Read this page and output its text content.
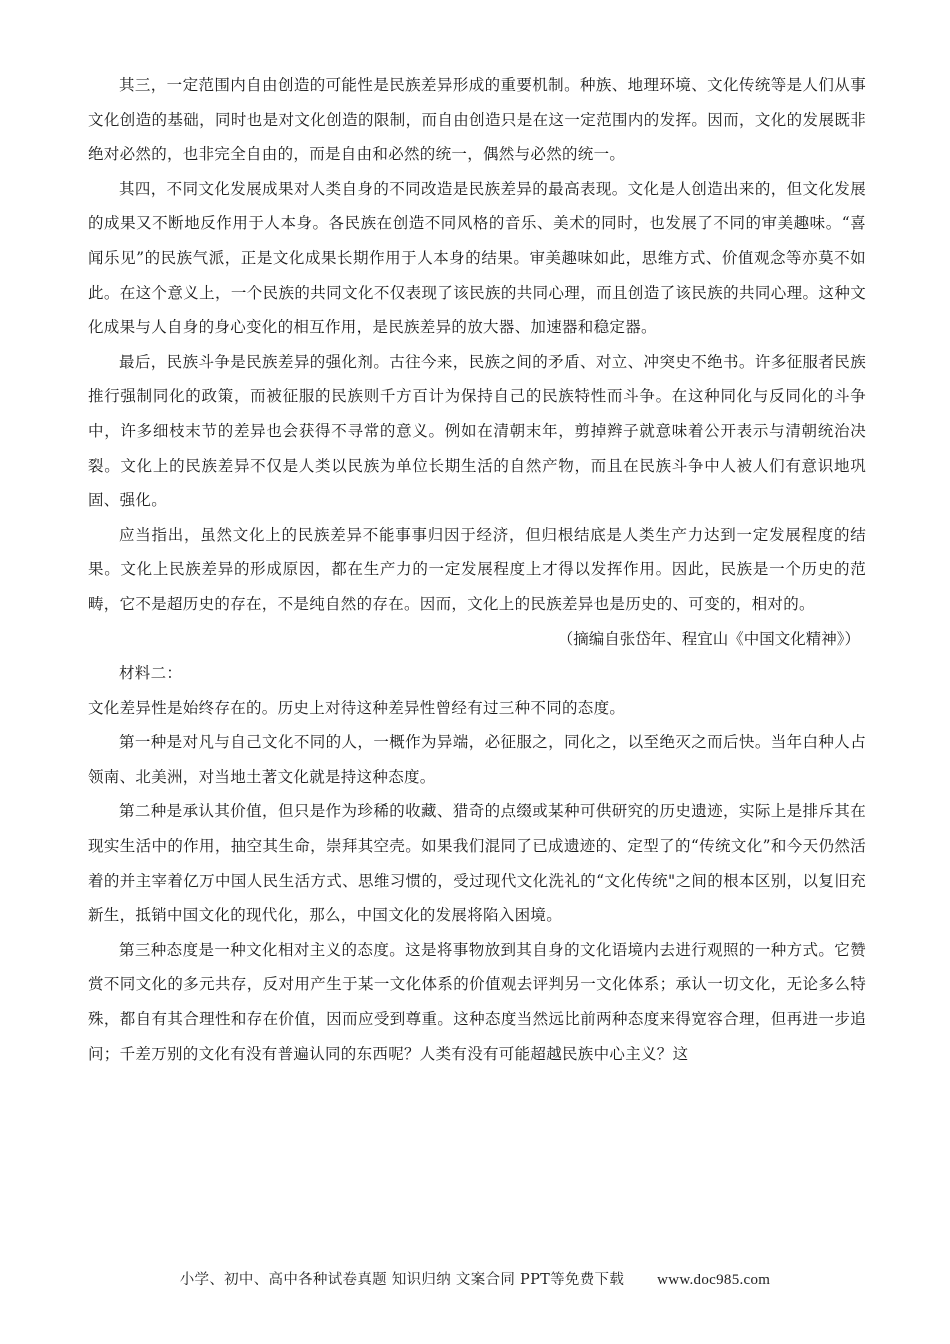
其三，一定范围内自由创造的可能性是民族差异形成的重要机制。种族、地理环境、文化传统等是人们从事文化创造的基础，同时也是对文化创造的限制，而自由创造只是在这一定范围内的发挥。因而，文化的发展既非绝对必然的，也非完全自由的，而是自由和必然的统一，偶然与必然的统一。

其四，不同文化发展成果对人类自身的不同改造是民族差异的最高表现。文化是人创造出来的，但文化发展的成果又不断地反作用于人本身。各民族在创造不同风格的音乐、美术的同时，也发展了不同的审美趣味。“喜闻乐见”的民族气派，正是文化成果长期作用于人本身的结果。审美趣味如此，思维方式、价值观念等亦莫不如此。在这个意义上，一个民族的共同文化不仅表现了该民族的共同心理，而且创造了该民族的共同心理。这种文化成果与人自身的身心变化的相互作用，是民族差异的放大器、加速器和稳定器。

最后，民族斗争是民族差异的强化剂。古往今来，民族之间的矛盾、对立、冲突史不绝书。许多征服者民族推行强制同化的政策，而被征服的民族则千方百计为保持自己的民族特性而斗争。在这种同化与反同化的斗争中，许多细枝末节的差异也会获得不寻常的意义。例如在清朝末年，剪掉辫子就意味着公开表示与清朝统治决裂。文化上的民族差异不仅是人类以民族为单位长期生活的自然产物，而且在民族斗争中人被人们有意识地巩固、强化。

应当指出，虽然文化上的民族差异不能事事归因于经济，但归根结底是人类生产力达到一定发展程度的结果。文化上民族差异的形成原因，都在生产力的一定发展程度上才得以发挥作用。因此，民族是一个历史的范畴，它不是超历史的存在，不是纯自然的存在。因而，文化上的民族差异也是历史的、可变的，相对的。

（摘编自张岱年、程宜山《中国文化精神》）

材料二：

文化差异性是始终存在的。历史上对待这种差异性曾经有过三种不同的态度。

第一种是对凡与自己文化不同的人，一概作为异端，必征服之，同化之，以至绝灭之而后快。当年白种人占领南、北美洲，对当地土著文化就是持这种态度。

第二种是承认其价值，但只是作为珍稀的收藏、猎奇的点缀或某种可供研究的历史遗迹，实际上是排斥其在现实生活中的作用，抽空其生命，崇拜其空壳。如果我们混同了已成遗迹的、定型了的“传统文化”和今天仍然活着的并主宰着亿万中国人民生活方式、思维习惯的，受过现代文化洗礼的“文化传统"之间的根本区别，以复旧充新生，抵销中国文化的现代化，那么，中国文化的发展将陷入困境。

第三种态度是一种文化相对主义的态度。这是将事物放到其自身的文化语境内去进行观照的一种方式。它赞赏不同文化的多元共存，反对用产生于某一文化体系的价值观去评判另一文化体系；承认一切文化，无论多么特殊，都自有其合理性和存在价值，因而应受到尊重。这种态度当然远比前两种态度来得宽容合理，但再进一步追问；千差万别的文化有没有普遍认同的东西呢？人类有没有可能超越民族中心主义？这

小学、初中、高中各种试卷真题 知识归纳 文案合同 PPT等免费下载 www.doc985.com
